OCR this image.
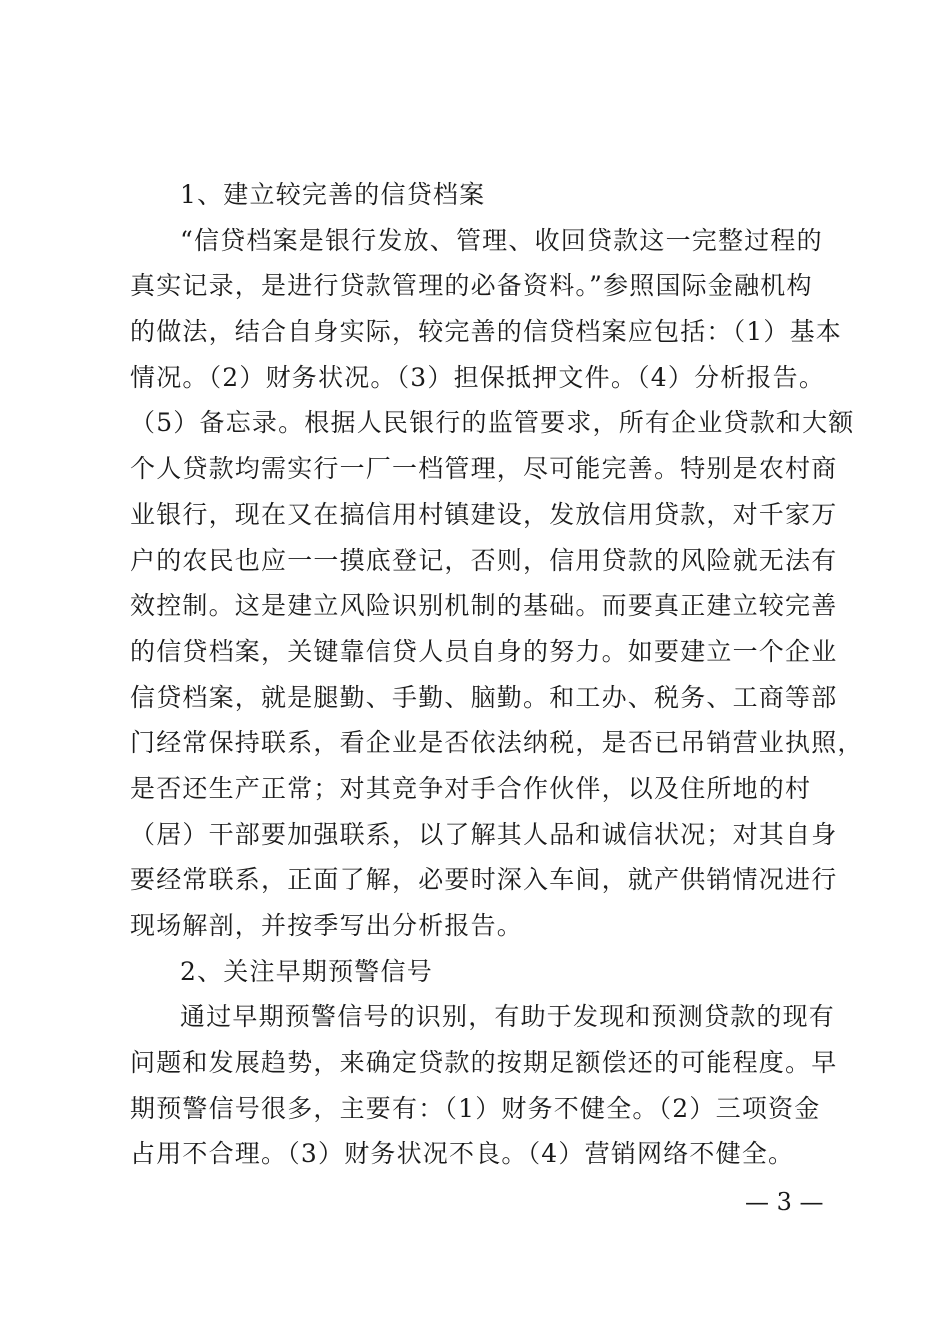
1、建立较完善的信贷档案
“信贷档案是银行发放、管理、收回贷款这一完整过程的
真实记录，是进行贷款管理的必备资料。”参照国际金融机构
的做法，结合自身实际，较完善的信贷档案应包括：（1）基本
情况。（2）财务状况。（3）担保抵押文件。（4）分析报告。
（5）备忘录。根据人民银行的监管要求，所有企业贷款和大额
个人贷款均需实行一厂一档管理，尽可能完善。特别是农村商
业银行，现在又在搞信用村镇建设，发放信用贷款，对千家万
户的农民也应一一摸底登记，否则，信用贷款的风险就无法有
效控制。这是建立风险识别机制的基础。而要真正建立较完善
的信贷档案，关键靠信贷人员自身的努力。如要建立一个企业
信贷档案，就是腿勤、手勤、脑勤。和工办、税务、工商等部
门经常保持联系，看企业是否依法纳税，是否已吊销营业执照，
是否还生产正常；对其竞争对手合作伙伴，以及住所地的村
（居）干部要加强联系，以了解其人品和诚信状况；对其自身
要经常联系，正面了解，必要时深入车间，就产供销情况进行
现场解剖，并按季写出分析报告。
2、关注早期预警信号
通过早期预警信号的识别，有助于发现和预测贷款的现有
问题和发展趋势，来确定贷款的按期足额偿还的可能程度。早
期预警信号很多，主要有：（1）财务不健全。（2）三项资金
占用不合理。（3）财务状况不良。（4）营销网络不健全。
— 3 —
